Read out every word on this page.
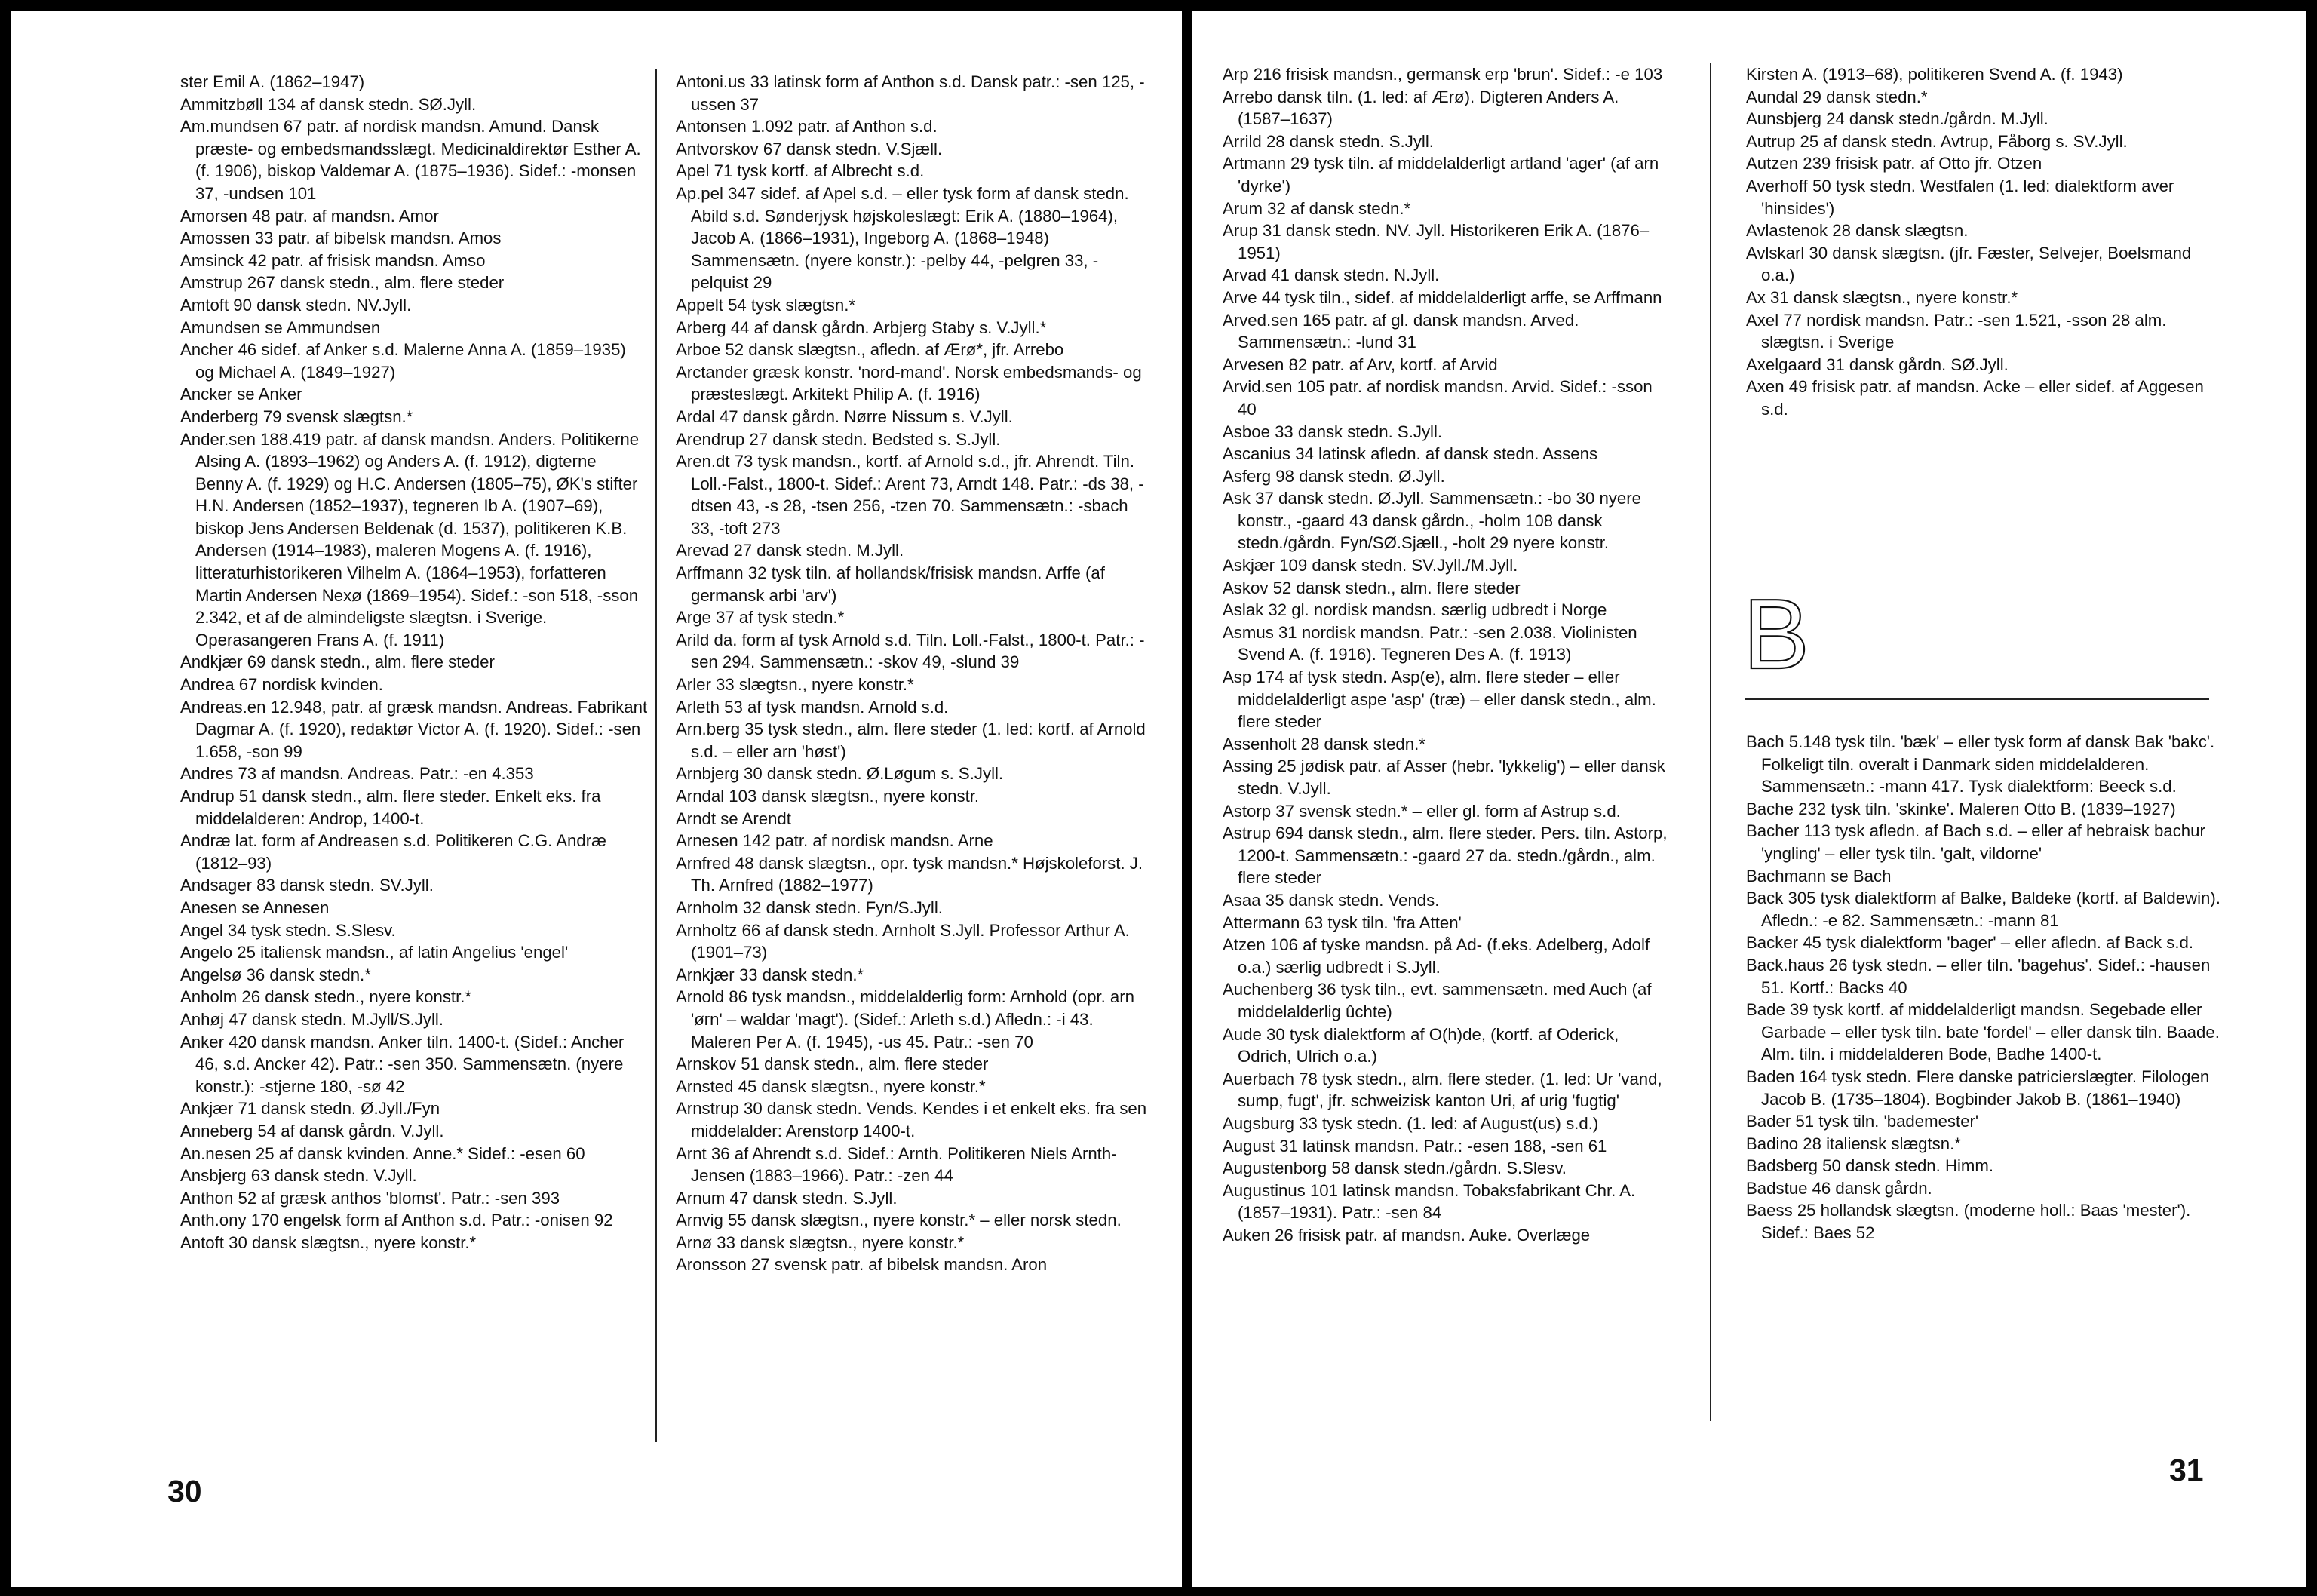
ster Emil A. (1862–1947)

Ammitzbøll 134 af dansk stedn. SØ.Jyll.

Am.mundsen 67 patr. af nordisk mandsn. Amund. Dansk præste- og embedsmandsslægt. Medicinaldirektør Esther A. (f. 1906), biskop Valdemar A. (1875–1936). Sidef.: -monsen 37, -undsen 101

Amorsen 48 patr. af mandsn. Amor

Amossen 33 patr. af bibelsk mandsn. Amos

Amsinck 42 patr. af frisisk mandsn. Amso

Amstrup 267 dansk stedn., alm. flere steder

Amtoft 90 dansk stedn. NV.Jyll.

Amundsen se Ammundsen

Ancher 46 sidef. af Anker s.d. Malerne Anna A. (1859–1935) og Michael A. (1849–1927)

Ancker se Anker

Anderberg 79 svensk slægtsn.*

Ander.sen 188.419 patr. af dansk mandsn. Anders. Politikerne Alsing A. (1893–1962) og Anders A. (f. 1912), digterne Benny A. (f. 1929) og H.C. Andersen (1805–75), ØK's stifter H.N. Andersen (1852–1937), tegneren Ib A. (1907–69), biskop Jens Andersen Beldenak (d. 1537), politikeren K.B. Andersen (1914–1983), maleren Mogens A. (f. 1916), litteraturhistorikeren Vilhelm A. (1864–1953), forfatteren Martin Andersen Nexø (1869–1954). Sidef.: -son 518, -sson 2.342, et af de almindeligste slægtsn. i Sverige. Operasangeren Frans A. (f. 1911)

Andkjær 69 dansk stedn., alm. flere steder

Andrea 67 nordisk kvinden.

Andreas.en 12.948, patr. af græsk mandsn. Andreas. Fabrikant Dagmar A. (f. 1920), redaktør Victor A. (f. 1920). Sidef.: -sen 1.658, -son 99

Andres 73 af mandsn. Andreas. Patr.: -en 4.353

Andrup 51 dansk stedn., alm. flere steder. Enkelt eks. fra middelalderen: Androp, 1400-t.

Andræ lat. form af Andreasen s.d. Politikeren C.G. Andræ (1812–93)

Andsager 83 dansk stedn. SV.Jyll.

Anesen se Annesen

Angel 34 tysk stedn. S.Slesv.

Angelo 25 italiensk mandsn., af latin Angelius 'engel'

Angelsø 36 dansk stedn.*

Anholm 26 dansk stedn., nyere konstr.*

Anhøj 47 dansk stedn. M.Jyll/S.Jyll.

Anker 420 dansk mandsn. Anker tiln. 1400-t. (Sidef.: Ancher 46, s.d. Ancker 42). Patr.: -sen 350. Sammensætn. (nyere konstr.): -stjerne 180, -sø 42

Ankjær 71 dansk stedn. Ø.Jyll./Fyn

Anneberg 54 af dansk gårdn. V.Jyll.

An.nesen 25 af dansk kvinden. Anne.* Sidef.: -esen 60

Ansbjerg 63 dansk stedn. V.Jyll.

Anthon 52 af græsk anthos 'blomst'. Patr.: -sen 393

Anth.ony 170 engelsk form af Anthon s.d. Patr.: -onisen 92

Antoft 30 dansk slægtsn., nyere konstr.*

Antoni.us 33 latinsk form af Anthon s.d. Dansk patr.: -sen 125, -ussen 37

Antonsen 1.092 patr. af Anthon s.d.

Antvorskov 67 dansk stedn. V.Sjæll.

Apel 71 tysk kortf. af Albrecht s.d.

Ap.pel 347 sidef. af Apel s.d. – eller tysk form af dansk stedn. Abild s.d. Sønderjysk højskoleslægt: Erik A. (1880–1964), Jacob A. (1866–1931), Ingeborg A. (1868–1948) Sammensætn. (nyere konstr.): -pelby 44, -pelgren 33, -pelquist 29

Appelt 54 tysk slægtsn.*

Arberg 44 af dansk gårdn. Arbjerg Staby s. V.Jyll.*

Arboe 52 dansk slægtsn., afledn. af Ærø*, jfr. Arrebo

Arctander græsk konstr. 'nord-mand'. Norsk embedsmands- og præsteslægt. Arkitekt Philip A. (f. 1916)

Ardal 47 dansk gårdn. Nørre Nissum s. V.Jyll.

Arendrup 27 dansk stedn. Bedsted s. S.Jyll.

Aren.dt 73 tysk mandsn., kortf. af Arnold s.d., jfr. Ahrendt. Tiln. Loll.-Falst., 1800-t. Sidef.: Arent 73, Arndt 148. Patr.: -ds 38, -dtsen 43, -s 28, -tsen 256, -tzen 70. Sammensætn.: -sbach 33, -toft 273

Arevad 27 dansk stedn. M.Jyll.

Arffmann 32 tysk tiln. af hollandsk/frisisk mandsn. Arffe (af germansk arbi 'arv')

Arge 37 af tysk stedn.*

Arild da. form af tysk Arnold s.d. Tiln. Loll.-Falst., 1800-t. Patr.: -sen 294. Sammensætn.: -skov 49, -slund 39

Arler 33 slægtsn., nyere konstr.*

Arleth 53 af tysk mandsn. Arnold s.d.

Arn.berg 35 tysk stedn., alm. flere steder (1. led: kortf. af Arnold s.d. – eller arn 'høst')

Arnbjerg 30 dansk stedn. Ø.Løgum s. S.Jyll.

Arndal 103 dansk slægtsn., nyere konstr.

Arndt se Arendt

Arnesen 142 patr. af nordisk mandsn. Arne

Arnfred 48 dansk slægtsn., opr. tysk mandsn.* Højskoleforst. J. Th. Arnfred (1882–1977)

Arnholm 32 dansk stedn. Fyn/S.Jyll.

Arnholtz 66 af dansk stedn. Arnholt S.Jyll. Professor Arthur A. (1901–73)

Arnkjær 33 dansk stedn.*

Arnold 86 tysk mandsn., middelalderlig form: Arnhold (opr. arn 'ørn' – waldar 'magt'). (Sidef.: Arleth s.d.) Afledn.: -i 43. Maleren Per A. (f. 1945), -us 45. Patr.: -sen 70

Arnskov 51 dansk stedn., alm. flere steder

Arnsted 45 dansk slægtsn., nyere konstr.*

Arnstrup 30 dansk stedn. Vends. Kendes i et enkelt eks. fra sen middelalder: Arenstorp 1400-t.

Arnt 36 af Ahrendt s.d. Sidef.: Arnth. Politikeren Niels Arnth-Jensen (1883–1966). Patr.: -zen 44

Arnum 47 dansk stedn. S.Jyll.

Arnvig 55 dansk slægtsn., nyere konstr.* – eller norsk stedn.

Arnø 33 dansk slægtsn., nyere konstr.*

Aronsson 27 svensk patr. af bibelsk mandsn. Aron

30

Arp 216 frisisk mandsn., germansk erp 'brun'. Sidef.: -e 103

Arrebo dansk tiln. (1. led: af Ærø). Digteren Anders A. (1587–1637)

Arrild 28 dansk stedn. S.Jyll.

Artmann 29 tysk tiln. af middelalderligt artland 'ager' (af arn 'dyrke')

Arum 32 af dansk stedn.*

Arup 31 dansk stedn. NV. Jyll. Historikeren Erik A. (1876–1951)

Arvad 41 dansk stedn. N.Jyll.

Arve 44 tysk tiln., sidef. af middelalderligt arffe, se Arffmann

Arved.sen 165 patr. af gl. dansk mandsn. Arved. Sammensætn.: -lund 31

Arvesen 82 patr. af Arv, kortf. af Arvid

Arvid.sen 105 patr. af nordisk mandsn. Arvid. Sidef.: -sson 40

Asboe 33 dansk stedn. S.Jyll.

Ascanius 34 latinsk afledn. af dansk stedn. Assens

Asferg 98 dansk stedn. Ø.Jyll.

Ask 37 dansk stedn. Ø.Jyll. Sammensætn.: -bo 30 nyere konstr., -gaard 43 dansk gårdn., -holm 108 dansk stedn./gårdn. Fyn/SØ.Sjæll., -holt 29 nyere konstr.

Askjær 109 dansk stedn. SV.Jyll./M.Jyll.

Askov 52 dansk stedn., alm. flere steder

Aslak 32 gl. nordisk mandsn. særlig udbredt i Norge

Asmus 31 nordisk mandsn. Patr.: -sen 2.038. Violinisten Svend A. (f. 1916). Tegneren Des A. (f. 1913)

Asp 174 af tysk stedn. Asp(e), alm. flere steder – eller middelalderligt aspe 'asp' (træ) – eller dansk stedn., alm. flere steder

Assenholt 28 dansk stedn.*

Assing 25 jødisk patr. af Asser (hebr. 'lykkelig') – eller dansk stedn. V.Jyll.

Astorp 37 svensk stedn.* – eller gl. form af Astrup s.d.

Astrup 694 dansk stedn., alm. flere steder. Pers. tiln. Astorp, 1200-t. Sammensætn.: -gaard 27 da. stedn./gårdn., alm. flere steder

Asaa 35 dansk stedn. Vends.

Attermann 63 tysk tiln. 'fra Atten'

Atzen 106 af tyske mandsn. på Ad- (f.eks. Adelberg, Adolf o.a.) særlig udbredt i S.Jyll.

Auchenberg 36 tysk tiln., evt. sammensætn. med Auch (af middelalderlig ûchte)

Aude 30 tysk dialektform af O(h)de, (kortf. af Oderick, Odrich, Ulrich o.a.)

Auerbach 78 tysk stedn., alm. flere steder. (1. led: Ur 'vand, sump, fugt', jfr. schweizisk kanton Uri, af urig 'fugtig'

Augsburg 33 tysk stedn. (1. led: af August(us) s.d.)

August 31 latinsk mandsn. Patr.: -esen 188, -sen 61

Augustenborg 58 dansk stedn./gårdn. S.Slesv.

Augustinus 101 latinsk mandsn. Tobaksfabrikant Chr. A. (1857–1931). Patr.: -sen 84

Auken 26 frisisk patr. af mandsn. Auke. Overlæge

Kirsten A. (1913–68), politikeren Svend A. (f. 1943)

Aundal 29 dansk stedn.*

Aunsbjerg 24 dansk stedn./gårdn. M.Jyll.

Autrup 25 af dansk stedn. Avtrup, Fåborg s. SV.Jyll.

Autzen 239 frisisk patr. af Otto jfr. Otzen

Averhoff 50 tysk stedn. Westfalen (1. led: dialektform aver 'hinsides')

Avlastenok 28 dansk slægtsn.

Avlskarl 30 dansk slægtsn. (jfr. Fæster, Selvejer, Boelsmand o.a.)

Ax 31 dansk slægtsn., nyere konstr.*

Axel 77 nordisk mandsn. Patr.: -sen 1.521, -sson 28 alm. slægtsn. i Sverige

Axelgaard 31 dansk gårdn. SØ.Jyll.

Axen 49 frisisk patr. af mandsn. Acke – eller sidef. af Aggesen s.d.

B

Bach 5.148 tysk tiln. 'bæk' – eller tysk form af dansk Bak 'bakc'. Folkeligt tiln. overalt i Danmark siden middelalderen. Sammensætn.: -mann 417. Tysk dialektform: Beeck s.d.

Bache 232 tysk tiln. 'skinke'. Maleren Otto B. (1839–1927)

Bacher 113 tysk afledn. af Bach s.d. – eller af hebraisk bachur 'yngling' – eller tysk tiln. 'galt, vildorne'

Bachmann se Bach

Back 305 tysk dialektform af Balke, Baldeke (kortf. af Baldewin). Afledn.: -e 82. Sammensætn.: -mann 81

Backer 45 tysk dialektform 'bager' – eller afledn. af Back s.d.

Back.haus 26 tysk stedn. – eller tiln. 'bagehus'. Sidef.: -hausen 51. Kortf.: Backs 40

Bade 39 tysk kortf. af middelalderligt mandsn. Segebade eller Garbade – eller tysk tiln. bate 'fordel' – eller dansk tiln. Baade. Alm. tiln. i middelalderen Bode, Badhe 1400-t.

Baden 164 tysk stedn. Flere danske patricierslægter. Filologen Jacob B. (1735–1804). Bogbinder Jakob B. (1861–1940)

Bader 51 tysk tiln. 'bademester'

Badino 28 italiensk slægtsn.*

Badsberg 50 dansk stedn. Himm.

Badstue 46 dansk gårdn.

Baess 25 hollandsk slægtsn. (moderne holl.: Baas 'mester'). Sidef.: Baes 52

31
